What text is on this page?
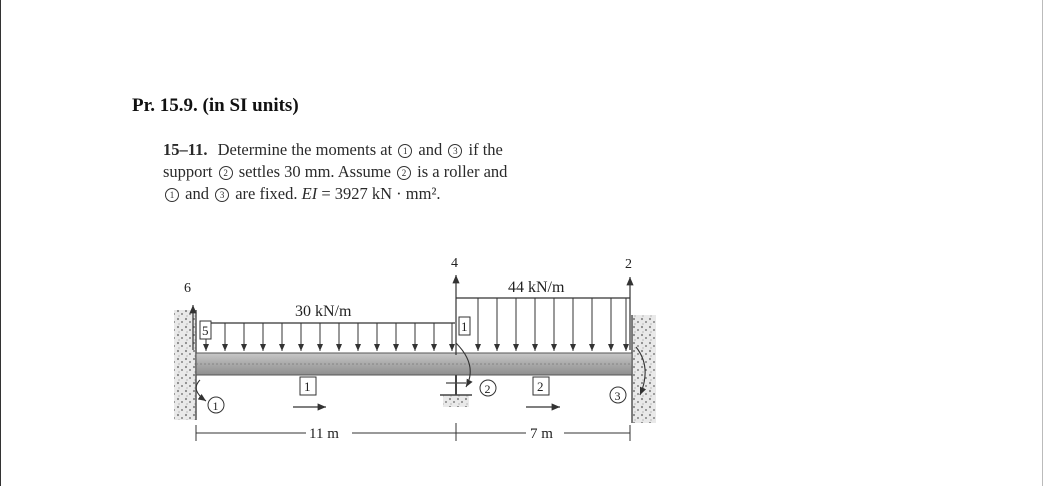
Pr. 15.9. (in SI units)
15–11. Determine the moments at 1 and 3 if the
support 2 settles 30 mm. Assume 2 is a roller and
1 and 3 are fixed. EI = 3927 kN · mm².
30 kN/m
44 kN/m
6
4	2
5	1
1	2
1
2	3
11 m	7 m
